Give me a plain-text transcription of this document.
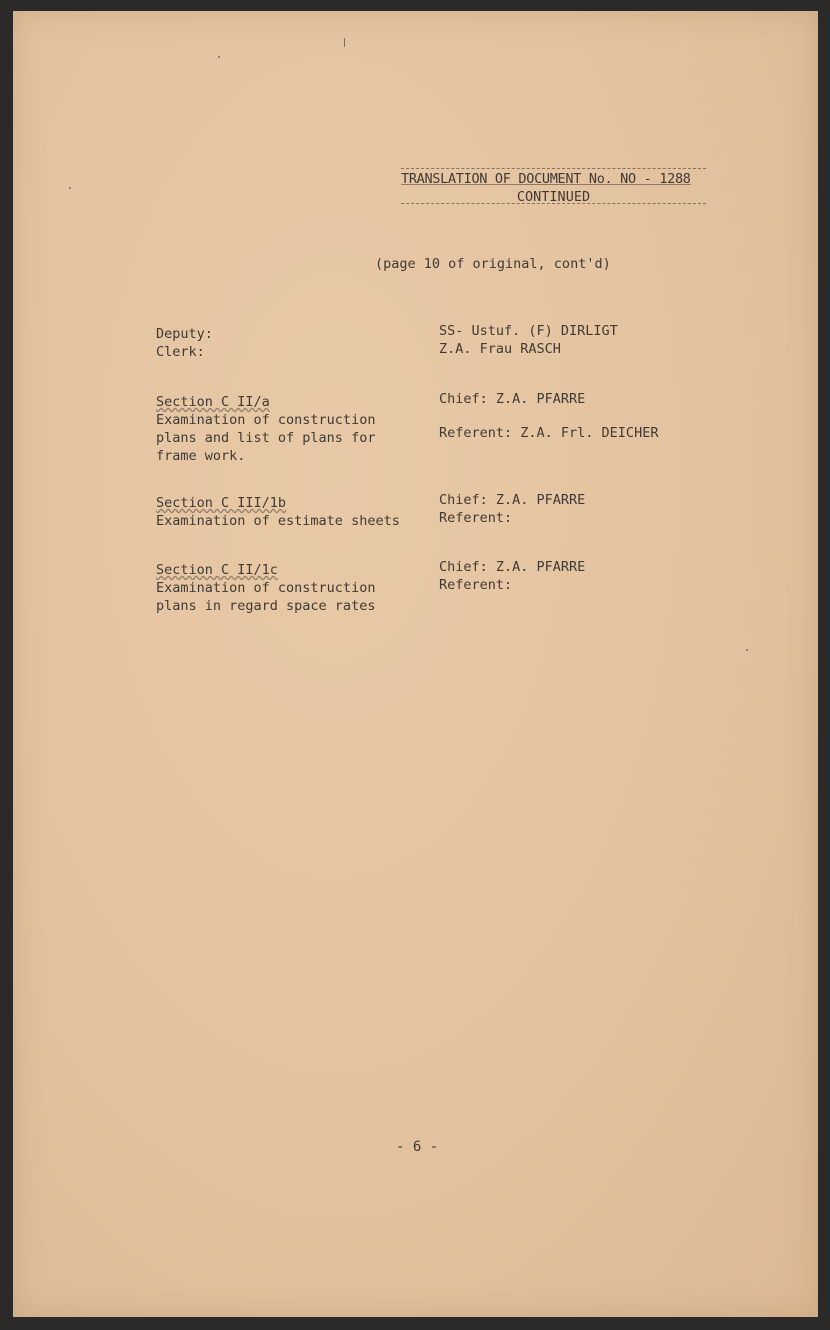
TRANSLATION OF DOCUMENT No. NO - 1288
CONTINUED
(page 10 of original, cont'd)
Deputy:
Clerk:
SS- Ustuf. (F) DIRLIGT
Z.A. Frau RASCH
Section C II/a
Examination of construction
plans and list of plans for
frame work.
Chief: Z.A. PFARRE
Referent: Z.A. Frl. DEICHER
Section C III/1b
Examination of estimate sheets
Chief: Z.A. PFARRE
Referent:
Section C II/1c
Examination of construction
plans in regard space rates
Chief: Z.A. PFARRE
Referent:
- 6 -
